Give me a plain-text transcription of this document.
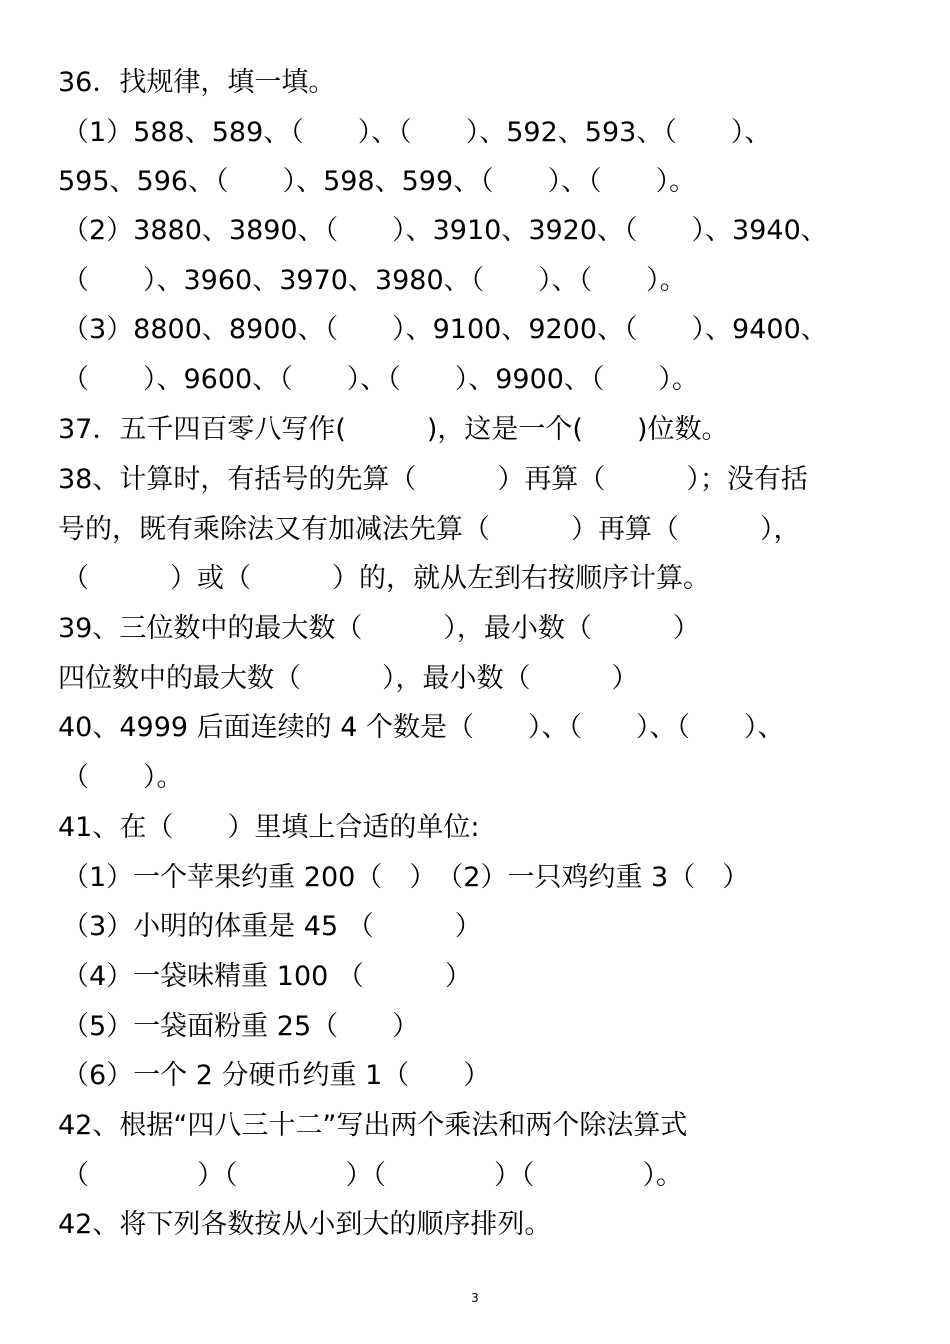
36．找规律，填一填。
（1）588、589、（　　）、（　　）、592、593、（　　）、
595、596、（　　）、598、599、（　　）、（　　）。
（2）3880、3890、（　　）、3910、3920、（　　）、3940、
（　　）、3960、3970、3980、（　　）、（　　）。
（3）8800、8900、（　　）、9100、9200、（　　）、9400、
（　　）、9600、（　　）、（　　）、9900、（　　）。
37．五千四百零八写作(　　　)，这是一个(　　)位数。
38、计算时，有括号的先算（　　　）再算（　　　）；没有括
号的，既有乘除法又有加减法先算（　　　）再算（　　　），
（　　　）或（　　　）的，就从左到右按顺序计算。
39、三位数中的最大数（　　　），最小数（　　　）
四位数中的最大数（　　　），最小数（　　　）
40、4999 后面连续的 4 个数是（　　）、（　　）、（　　）、
（　　）。
41、在（　　）里填上合适的单位:
（1）一个苹果约重 200（　）　（2）一只鸡约重 3（　）
（3）小明的体重是 45 （　　　）
（4）一袋味精重 100 （　　　）
（5）一袋面粉重 25（　　）
（6）一个 2 分硬币约重 1（　　）
42、根据“四八三十二”写出两个乘法和两个除法算式
（　　　　）（　　　　）（　　　　）（　　　　）。
42、将下列各数按从小到大的顺序排列。
3
